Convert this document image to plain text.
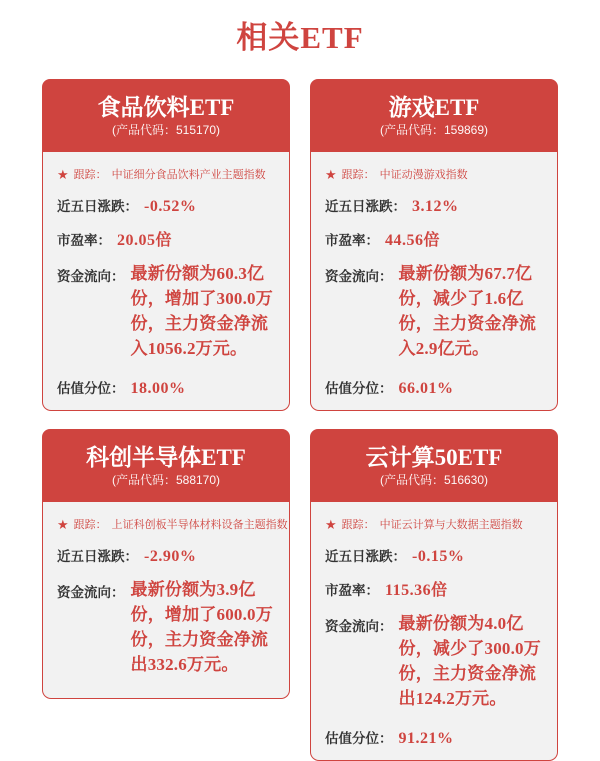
相关ETF
食品饮料ETF
(产品代码：515170)
★ 跟踪： 中证细分食品饮料产业主题指数
近五日涨跌： -0.52%
市盈率： 20.05倍
资金流向： 最新份额为60.3亿份，增加了300.0万份，主力资金净流入1056.2万元。
估值分位： 18.00%
游戏ETF
(产品代码：159869)
★ 跟踪： 中证动漫游戏指数
近五日涨跌： 3.12%
市盈率： 44.56倍
资金流向： 最新份额为67.7亿份，减少了1.6亿份，主力资金净流入2.9亿元。
估值分位： 66.01%
科创半导体ETF
(产品代码：588170)
★ 跟踪： 上证科创板半导体材料设备主题指数
近五日涨跌： -2.90%
资金流向： 最新份额为3.9亿份，增加了600.0万份，主力资金净流出332.6万元。
云计算50ETF
(产品代码：516630)
★ 跟踪： 中证云计算与大数据主题指数
近五日涨跌： -0.15%
市盈率： 115.36倍
资金流向： 最新份额为4.0亿份，减少了300.0万份，主力资金净流出124.2万元。
估值分位： 91.21%
